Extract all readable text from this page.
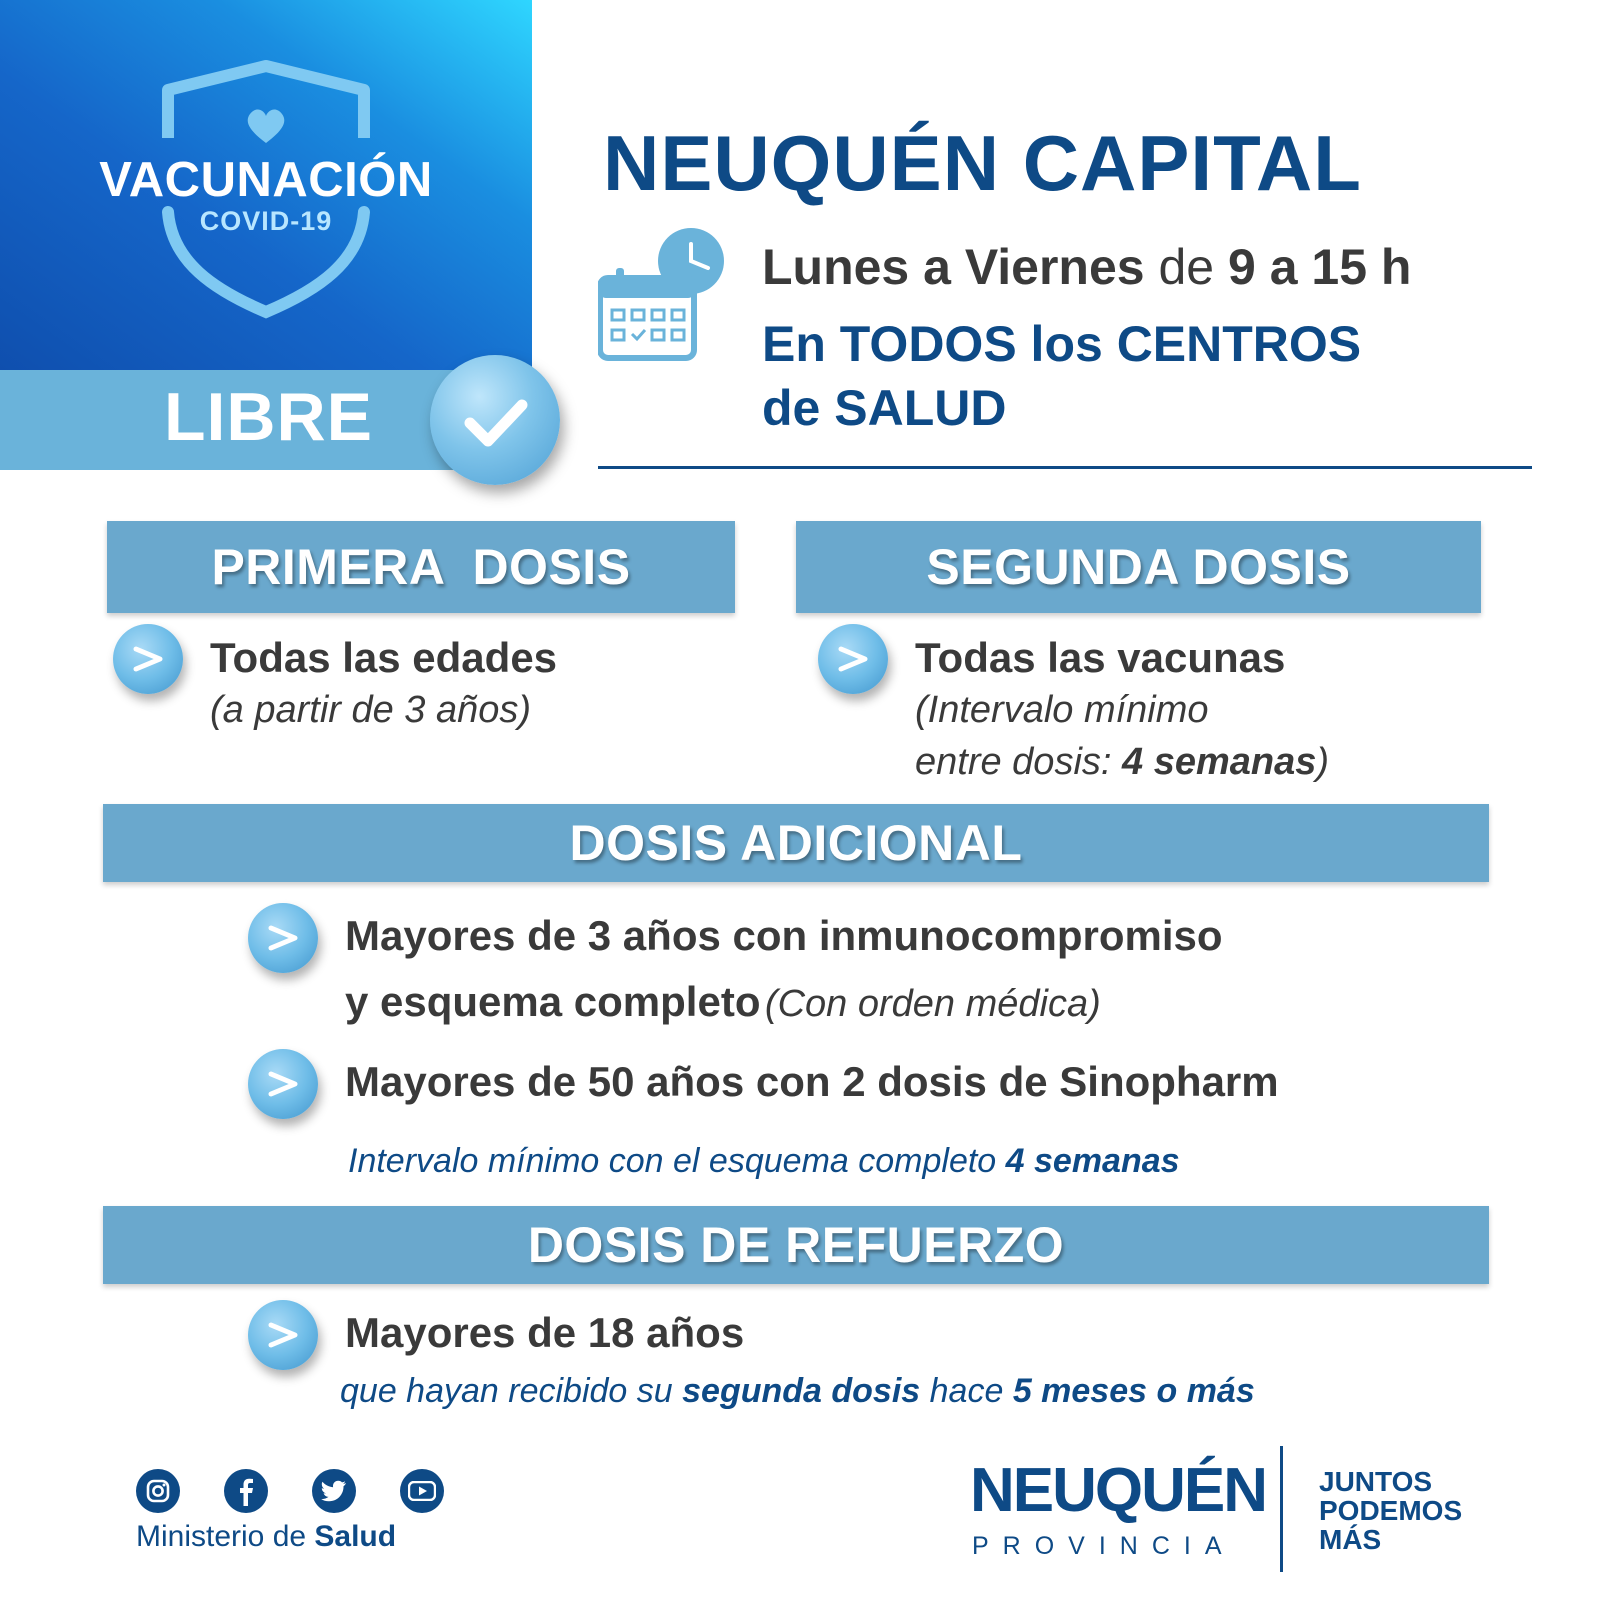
VACUNACIÓN
COVID-19
LIBRE
NEUQUÉN CAPITAL
Lunes a Viernes de 9 a 15 h
En TODOS los CENTROS
de SALUD
PRIMERA  DOSIS
Todas las edades
(a partir de 3 años)
SEGUNDA DOSIS
Todas las vacunas
(Intervalo mínimo
entre dosis: 4 semanas)
DOSIS ADICIONAL
Mayores de 3 años con inmunocompromiso
y esquema completo (Con orden médica)
Mayores de 50 años con 2 dosis de Sinopharm
Intervalo mínimo con el esquema completo 4 semanas
DOSIS DE REFUERZO
Mayores de 18 años
que hayan recibido su segunda dosis hace 5 meses o más
Ministerio de Salud
NEUQUÉN
PROVINCIA
JUNTOS
PODEMOS
MÁS
